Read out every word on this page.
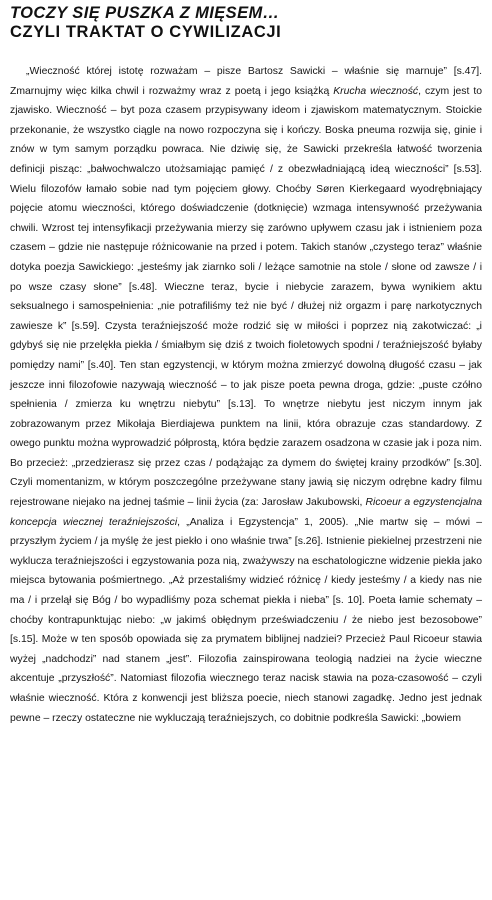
TOCZY SIĘ PUSZKA Z MIĘSEM…
CZYLI TRAKTAT O CYWILIZACJI

„Wieczność której istotę rozważam – pisze Bartosz Sawicki – właśnie się marnuje” [s.47]. Zmarnujmy więc kilka chwil i rozważmy wraz z poetą i jego książką Krucha wieczność, czym jest to zjawisko. Wieczność – byt poza czasem przypisywany ideom i zjawiskom matematycznym. Stoickie przekonanie, że wszystko ciągle na nowo rozpoczyna się i kończy. Boska pneuma rozwija się, ginie i znów w tym samym porządku powraca. Nie dziwię się, że Sawicki przekreśla łatwość tworzenia definicji pisząc: „bałwochwalczo utożsamiając pamięć / z obezwładniającą ideą wieczności” [s.53]. Wielu filozofów łamało sobie nad tym pojęciem głowy. Choćby Søren Kierkegaard wyodrębniający pojęcie atomu wieczności, którego doświadczenie (dotknięcie) wzmaga intensywność przeżywania chwili. Wzrost tej intensyfikacji przeżywania mierzy się zarówno upływem czasu jak i istnieniem poza czasem – gdzie nie następuje różnicowanie na przed i potem. Takich stanów „czystego teraz” właśnie dotyka poezja Sawickiego: „jesteśmy jak ziarnko soli / leżące samotnie na stole / słone od zawsze / i po wsze czasy słone” [s.48]. Wieczne teraz, bycie i niebycie zarazem, bywa wynikiem aktu seksualnego i samospełnienia: „nie potrafiliśmy też nie być / dłużej niż orgazm i parę narkotycznych zawiesze k” [s.59]. Czysta teraźniejszość może rodzić się w miłości i poprzez nią zakotwiczać: „i gdybyś się nie przelękła piekła / śmiałbym się dziś z twoich fioletowych spodni / teraźniejszość byłaby pomiędzy nami” [s.40]. Ten stan egzystencji, w którym można zmierzyć dowolną długość czasu – jak jeszcze inni filozofowie nazywają wieczność – to jak pisze poeta pewna droga, gdzie: „puste czółno spełnienia / zmierza ku wnętrzu niebytu” [s.13]. To wnętrze niebytu jest niczym innym jak zobrazowanym przez Mikołaja Bierdiajewa punktem na linii, która obrazuje czas standardowy. Z owego punktu można wyprowadzić półprostą, która będzie zarazem osadzona w czasie jak i poza nim. Bo przecież: „przedzierasz się przez czas / podążając za dymem do świętej krainy przodków” [s.30]. Czyli momentanizm, w którym poszczególne przeżywane stany jawią się niczym odrębne kadry filmu rejestrowane niejako na jednej taśmie – linii życia (za: Jarosław Jakubowski, Ricoeur a egzystencjalna koncepcja wiecznej teraźniejszości, „Analiza i Egzystencja” 1, 2005). „Nie martw się – mówi – przyszłym życiem / ja myślę że jest piekło i ono właśnie trwa” [s.26]. Istnienie piekielnej przestrzeni nie wyklucza teraźniejszości i egzystowania poza nią, zważywszy na eschatologiczne widzenie piekła jako miejsca bytowania pośmiertnego. „Aż przestaliśmy widzieć różnicę / kiedy jesteśmy / a kiedy nas nie ma / i przelął się Bóg / bo wypadliśmy poza schemat piekła i nieba” [s. 10]. Poeta łamie schematy – choćby kontrapunktując niebo: „w jakimś obłędnym przeświadczeniu / że niebo jest bezosobowe” [s.15]. Może w ten sposób opowiada się za prymatem biblijnej nadziei? Przecież Paul Ricoeur stawia wyżej „nadchodzi” nad stanem „jest”. Filozofia zainspirowana teologią nadziei na życie wieczne akcentuje „przyszłość”. Natomiast filozofia wiecznego teraz nacisk stawia na poza-czasowość – czyli właśnie wieczność. Która z konwencji jest bliższa poecie, niech stanowi zagadkę. Jedno jest jednak pewne – rzeczy ostateczne nie wykluczają teraźniejszych, co dobitnie podkreśla Sawicki: „bowiem
